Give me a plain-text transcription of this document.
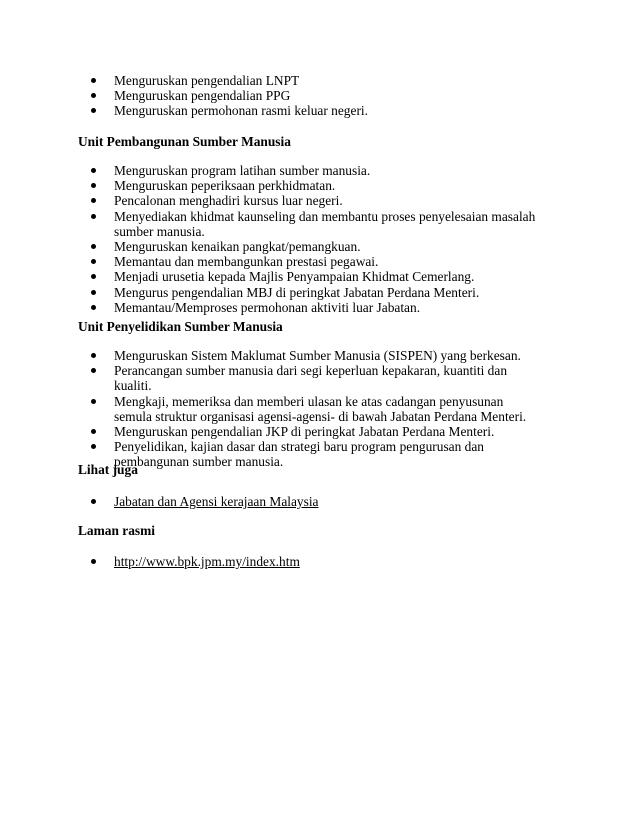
Menguruskan pengendalian LNPT
Menguruskan pengendalian PPG
Menguruskan permohonan rasmi keluar negeri.
Unit Pembangunan Sumber Manusia
Menguruskan program latihan sumber manusia.
Menguruskan peperiksaan perkhidmatan.
Pencalonan menghadiri kursus luar negeri.
Menyediakan khidmat kaunseling dan membantu proses penyelesaian masalah sumber manusia.
Menguruskan kenaikan pangkat/pemangkuan.
Memantau dan membangunkan prestasi pegawai.
Menjadi urusetia kepada Majlis Penyampaian Khidmat Cemerlang.
Mengurus pengendalian MBJ di peringkat Jabatan Perdana Menteri.
Memantau/Memproses permohonan aktiviti luar Jabatan.
Unit Penyelidikan Sumber Manusia
Menguruskan Sistem Maklumat Sumber Manusia (SISPEN) yang berkesan.
Perancangan sumber manusia dari segi keperluan kepakaran, kuantiti dan kualiti.
Mengkaji, memeriksa dan memberi ulasan ke atas cadangan penyusunan semula struktur organisasi agensi-agensi- di bawah Jabatan Perdana Menteri.
Menguruskan pengendalian JKP di peringkat Jabatan Perdana Menteri.
Penyelidikan, kajian dasar dan strategi baru program pengurusan dan pembangunan sumber manusia.
Lihat juga
Jabatan dan Agensi kerajaan Malaysia
Laman rasmi
http://www.bpk.jpm.my/index.htm
